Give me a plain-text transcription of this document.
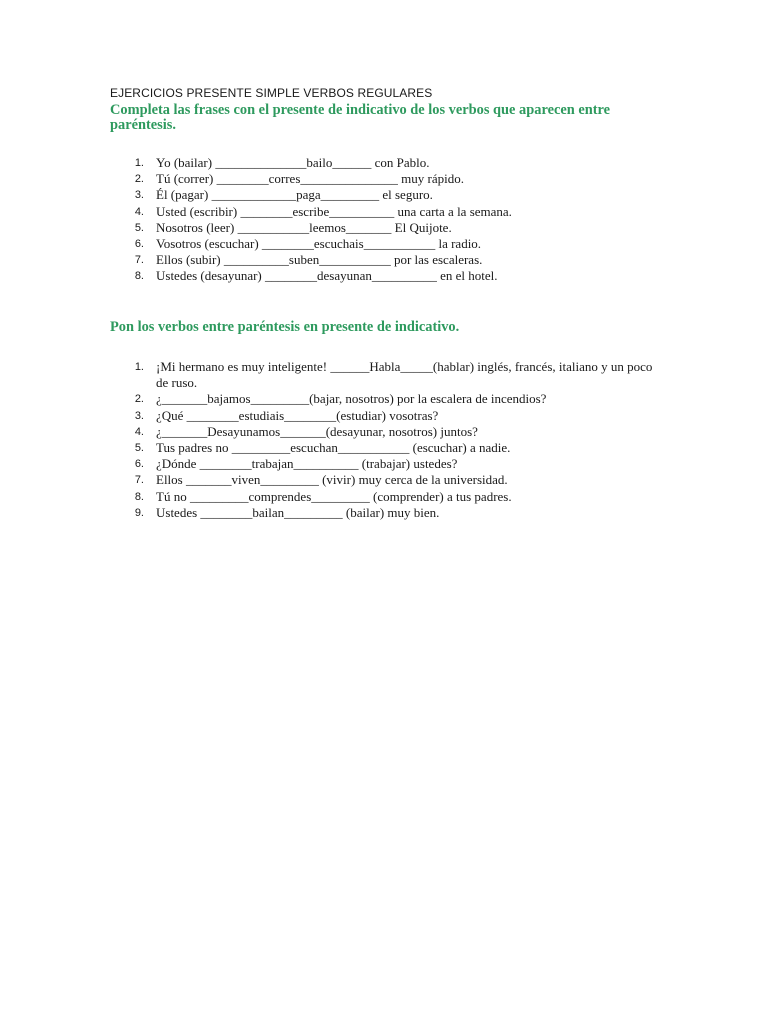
EJERCICIOS PRESENTE SIMPLE VERBOS REGULARES
Completa las frases con el presente de indicativo de los verbos que aparecen entre paréntesis.
1. Yo (bailar) ______________bailo______ con Pablo.
2. Tú (correr) ________corres_______________ muy rápido.
3. Él (pagar) _____________paga_________ el seguro.
4. Usted (escribir) ________escribe__________ una carta a la semana.
5. Nosotros (leer) ___________leemos_______ El Quijote.
6. Vosotros (escuchar) ________escuchais___________ la radio.
7. Ellos (subir) __________suben___________ por las escaleras.
8. Ustedes (desayunar) ________desayunan__________ en el hotel.
Pon los verbos entre paréntesis en presente de indicativo.
1. ¡Mi hermano es muy inteligente! ______Habla_____(hablar) inglés, francés, italiano y un poco de ruso.
2. ¿_______bajamos_________(bajar, nosotros) por la escalera de incendios?
3. ¿Qué ________estudiais________(estudiar) vosotras?
4. ¿_______Desayunamos_______(desayunar, nosotros) juntos?
5. Tus padres no _________escuchan___________ (escuchar) a nadie.
6. ¿Dónde ________trabajan__________ (trabajar) ustedes?
7. Ellos _______viven_________ (vivir) muy cerca de la universidad.
8. Tú no _________comprendes_________ (comprender) a tus padres.
9. Ustedes ________bailan_________ (bailar) muy bien.
